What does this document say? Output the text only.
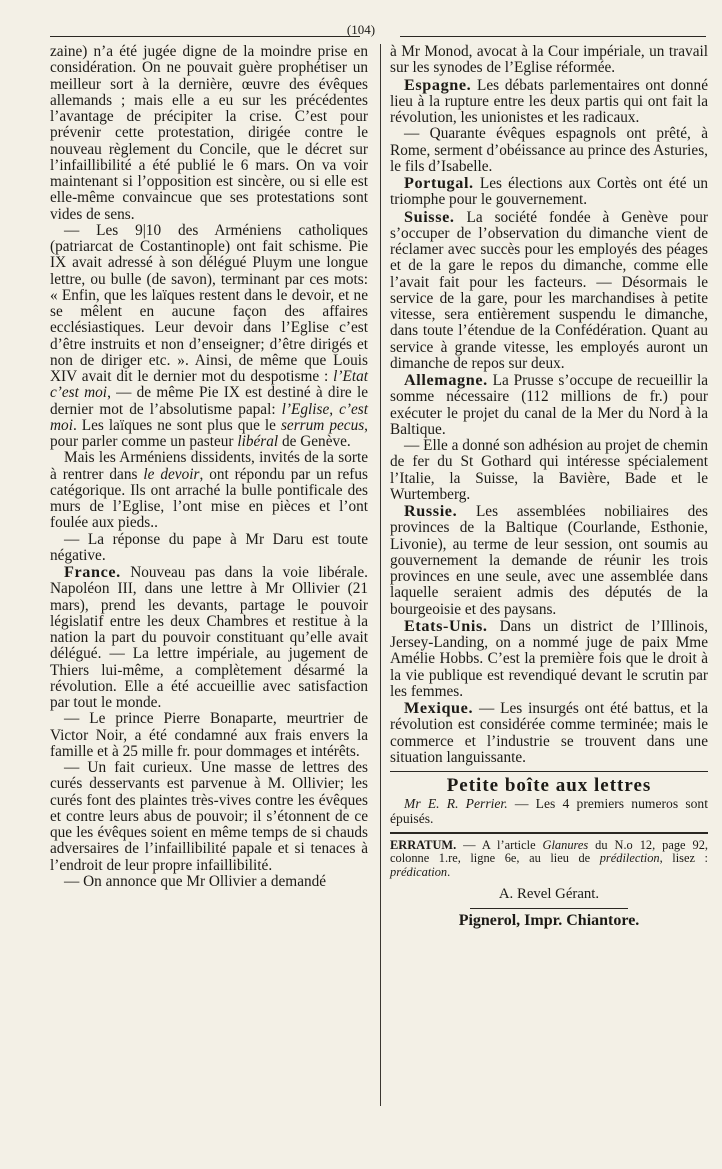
(104)

zaine) n’a été jugée digne de la moindre prise en considération. On ne pouvait guère prophétiser un meilleur sort à la dernière, œuvre des évêques allemands ; mais elle a eu sur les précédentes l’avantage de précipiter la crise. C’est pour prévenir cette protestation, dirigée contre le nouveau règlement du Concile, que le décret sur l’infaillibilité a été publié le 6 mars. On va voir maintenant si l’opposition est sincère, ou si elle est elle-même convaincue que ses protestations sont vides de sens.

— Les 9|10 des Arméniens catholiques (patriarcat de Costantinople) ont fait schisme. Pie IX avait adressé à son délégué Pluym une longue lettre, ou bulle (de savon), terminant par ces mots: « Enfin, que les laïques restent dans le devoir, et ne se mêlent en aucune façon des affaires ecclésiastiques. Leur devoir dans l’Eglise c’est d’être instruits et non d’enseigner; d’être dirigés et non de diriger etc. ». Ainsi, de même que Louis XIV avait dit le dernier mot du despotisme : l’Etat c’est moi, — de même Pie IX est destiné à dire le dernier mot de l’absolutisme papal: l’Eglise, c’est moi. Les laïques ne sont plus que le serrum pecus, pour parler comme un pasteur libéral de Genève.

Mais les Arméniens dissidents, invités de la sorte à rentrer dans le devoir, ont répondu par un refus catégorique. Ils ont arraché la bulle pontificale des murs de l’Eglise, l’ont mise en pièces et l’ont foulée aux pieds..

— La réponse du pape à Mr Daru est toute négative.

France. Nouveau pas dans la voie libérale. Napoléon III, dans une lettre à Mr Ollivier (21 mars), prend les devants, partage le pouvoir législatif entre les deux Chambres et restitue à la nation la part du pouvoir constituant qu’elle avait délégué. — La lettre impériale, au jugement de Thiers lui-même, a complètement désarmé la révolution. Elle a été accueillie avec satisfaction par tout le monde.

— Le prince Pierre Bonaparte, meurtrier de Victor Noir, a été condamné aux frais envers la famille et à 25 mille fr. pour dommages et intérêts.

— Un fait curieux. Une masse de lettres des curés desservants est parvenue à M. Ollivier; les curés font des plaintes très-vives contre les évêques et contre leurs abus de pouvoir; il s’étonnent de ce que les évêques soient en même temps de si chauds adversaires de l’infaillibilité papale et si tenaces à l’endroit de leur propre infaillibilité.

— On annonce que Mr Ollivier a demandé

à Mr Monod, avocat à la Cour impériale, un travail sur les synodes de l’Eglise réformée.

Espagne. Les débats parlementaires ont donné lieu à la rupture entre les deux partis qui ont fait la révolution, les unionistes et les radicaux.

— Quarante évêques espagnols ont prêté, à Rome, serment d’obéissance au prince des Asturies, le fils d’Isabelle.

Portugal. Les élections aux Cortès ont été un triomphe pour le gouvernement.

Suisse. La société fondée à Genève pour s’occuper de l’observation du dimanche vient de réclamer avec succès pour les employés des péages et de la gare le repos du dimanche, comme elle l’avait fait pour les facteurs. — Désormais le service de la gare, pour les marchandises à petite vitesse, sera entièrement suspendu le dimanche, dans toute l’étendue de la Confédération. Quant au service à grande vitesse, les employés auront un dimanche de repos sur deux.

Allemagne. La Prusse s’occupe de recueillir la somme nécessaire (112 millions de fr.) pour exécuter le projet du canal de la Mer du Nord à la Baltique.

— Elle a donné son adhésion au projet de chemin de fer du St Gothard qui intéresse spécialement l’Italie, la Suisse, la Bavière, Bade et le Wurtemberg.

Russie. Les assemblées nobiliaires des provinces de la Baltique (Courlande, Esthonie, Livonie), au terme de leur session, ont soumis au gouvernement la demande de réunir les trois provinces en une seule, avec une assemblée dans laquelle seraient admis des députés de la bourgeoisie et des paysans.

Etats-Unis. Dans un district de l’Illinois, Jersey-Landing, on a nommé juge de paix Mme Amélie Hobbs. C’est la première fois que le droit à la vie publique est revendiqué devant le scrutin par les femmes.

Mexique. — Les insurgés ont été battus, et la révolution est considérée comme terminée; mais le commerce et l’industrie se trouvent dans une situation languissante.

Petite boîte aux lettres

Mr E. R. Perrier. — Les 4 premiers numeros sont épuisés.

ERRATUM. — A l’article Glanures du N.o 12, page 92, colonne 1.re, ligne 6e, au lieu de prédilection, lisez : prédication.
A. Revel Gérant.
Pignerol, Impr. Chiantore.
